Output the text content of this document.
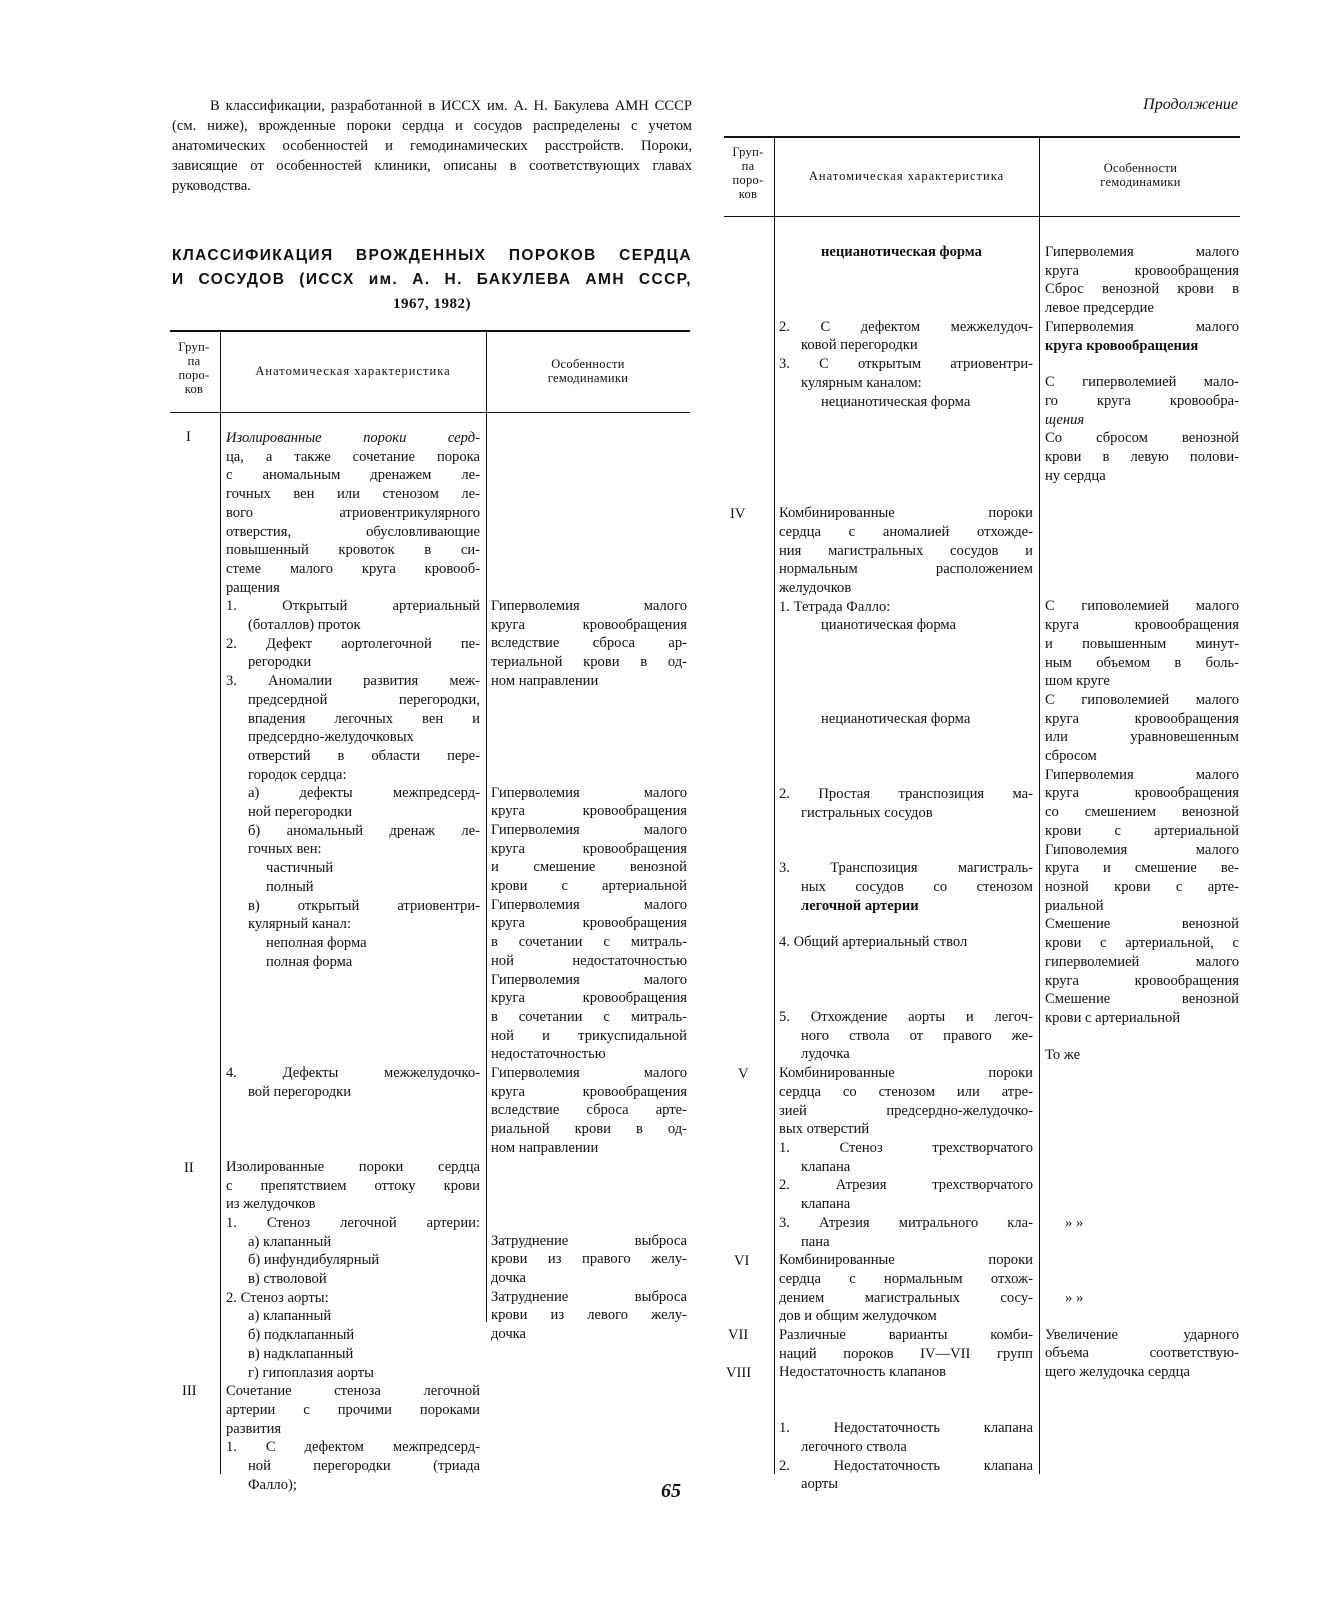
В классификации, разработанной в ИССХ им. А. Н. Бакулева АМН СССР (см. ниже), врожденные пороки сердца и сосудов распределены с учетом анатомических особенностей и гемодинамических расстройств. Пороки, зависящие от особенностей клиники, описаны в соответствующих главах руководства.

КЛАССИФИКАЦИЯ ВРОЖДЕННЫХ ПОРОКОВ СЕРДЦА
И СОСУДОВ (ИССХ им. А. Н. БАКУЛЕВА АМН СССР,
1967, 1982)

Продолжение

Груп-
па
поро-
ков
Анатомическая характеристика	Особенности
гемодинамики
I
II
III
Изолированные пороки серд-
ца, а также сочетание порока
с аномальным дренажем ле-
гочных вен или стенозом ле-
вого атриовентрикулярного
отверстия, обусловливающие
повышенный кровоток в си-
стеме малого круга кровооб-
ращения
1. Открытый артериальный
(боталлов) проток
2. Дефект аортолегочной пе-
регородки
3. Аномалии развития меж-
предсердной перегородки,
впадения легочных вен и
предсердно-желудочковых
отверстий в области пере-
городок сердца:
а) дефекты межпредсерд-
ной перегородки
б) аномальный дренаж ле-
гочных вен:
частичный
полный
в) открытый атриовентри-
кулярный канал:
неполная форма
полная форма
4. Дефекты межжелудочко-
вой перегородки
Изолированные пороки сердца
с препятствием оттоку крови
из желудочков
1. Стеноз легочной артерии:
а) клапанный
б) инфундибулярный
в) стволовой
2. Стеноз аорты:
а) клапанный
б) подклапанный
в) надклапанный
г) гипоплазия аорты
Сочетание стеноза легочной
артерии с прочими пороками
развития
1. С дефектом межпредсерд-
ной перегородки (триада
Фалло);
Гиперволемия малого
круга кровообращения
вследствие сброса ар-
териальной крови в од-
ном направлении
Гиперволемия малого
круга кровообращения
Гиперволемия малого
круга кровообращения
и смешение венозной
крови с артериальной
Гиперволемия малого
круга кровообращения
в сочетании с митраль-
ной недостаточностью
Гиперволемия малого
круга кровообращения
в сочетании с митраль-
ной и трикуспидальной
недостаточностью
Гиперволемия малого
круга кровообращения
вследствие сброса арте-
риальной крови в од-
ном направлении
Затруднение выброса
крови из правого желу-
дочка
Затруднение выброса
крови из левого желу-
дочка
Груп-
па
поро-
ков
Анатомическая характеристика
Особенности
гемодинамики
IV
V
VI
VII
VIII
нецианотическая форма
2. С дефектом межжелудоч-
ковой перегородки
3. С открытым атриовентри-
кулярным каналом:
нецианотическая форма
Комбинированные пороки
сердца с аномалией отхожде-
ния магистральных сосудов и
нормальным расположением
желудочков
1. Тетрада Фалло:
цианотическая форма
нецианотическая форма
2. Простая транспозиция ма-
гистральных сосудов
3. Транспозиция магистраль-
ных сосудов со стенозом
легочной артерии
4. Общий артериальный ствол
5. Отхождение аорты и легоч-
ного ствола от правого же-
лудочка
Комбинированные пороки
сердца со стенозом или атре-
зией предсердно-желудочко-
вых отверстий
1. Стеноз трехстворчатого
клапана
2. Атрезия трехстворчатого
клапана
3. Атрезия митрального кла-
пана
Комбинированные пороки
сердца с нормальным отхож-
дением магистральных сосу-
дов и общим желудочком
Различные варианты комби-
наций пороков IV—VII групп
Недостаточность клапанов
1. Недостаточность клапана
легочного ствола
2. Недостаточность клапана
аорты
Гиперволемия малого
круга кровообращения
Сброс венозной крови в
левое предсердие
Гиперволемия малого
круга кровообращения
С гиперволемией мало-
го круга кровообра-
щения
Со сбросом венозной
крови в левую полови-
ну сердца
С гиповолемией малого
круга кровообращения
и повышенным минут-
ным объемом в боль-
шом круге
С гиповолемией малого
круга кровообращения
или уравновешенным
сбросом
Гиперволемия малого
круга кровообращения
со смешением венозной
крови с артериальной
Гиповолемия малого
круга и смешение ве-
нозной крови с арте-
риальной
Смешение венозной
крови с артериальной, с
гиперволемией малого
круга кровообращения
Смешение венозной
крови с артериальной
То же
» »
» »
Увеличение ударного
объема соответствую-
щего желудочка сердца

65
